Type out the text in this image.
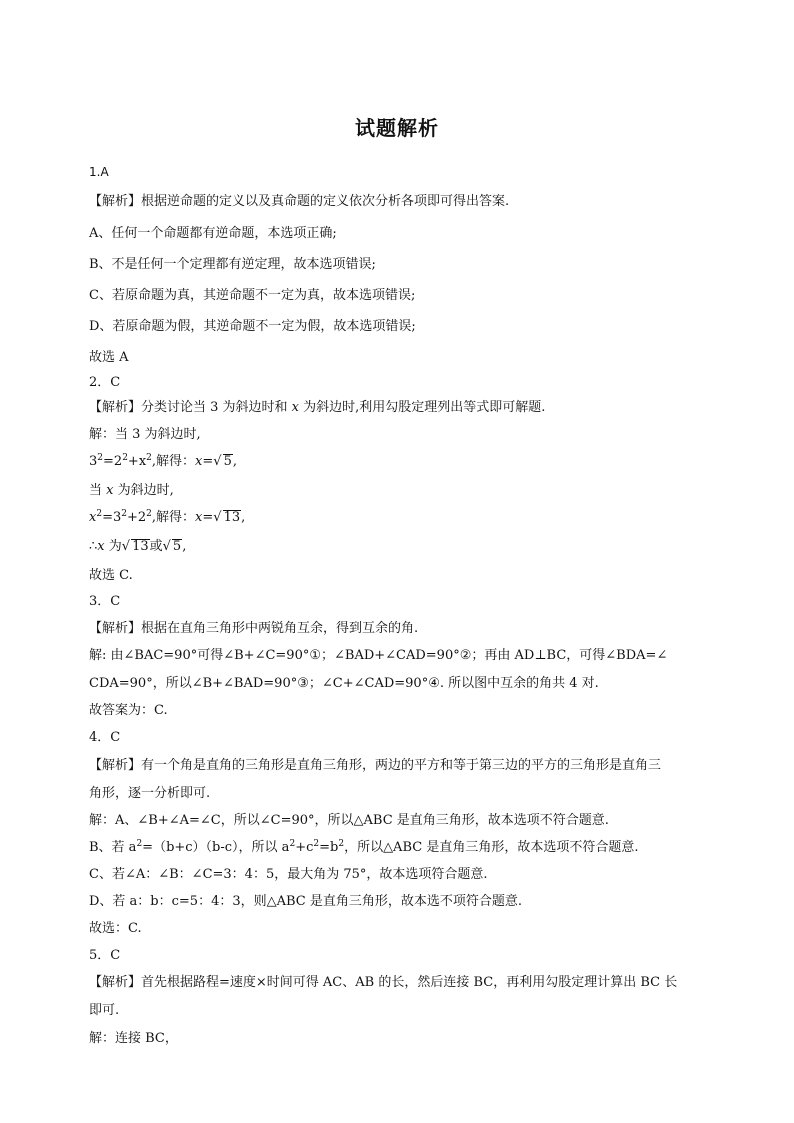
试题解析
1.A
【解析】根据逆命题的定义以及真命题的定义依次分析各项即可得出答案.
A、任何一个命题都有逆命题，本选项正确;
B、不是任何一个定理都有逆定理，故本选项错误;
C、若原命题为真，其逆命题不一定为真，故本选项错误;
D、若原命题为假，其逆命题不一定为假，故本选项错误;
故选 A
2．C
【解析】分类讨论当 3 为斜边时和 x 为斜边时,利用勾股定理列出等式即可解题.
解：当 3 为斜边时,
$3^2=2^2+x^2$,解得：x=√ 5,
当 x 为斜边时,
$x^2=3^2+2^2$,解得：x=√ 13,
∴x 为√ 13或√ 5,
故选 C.
3．C
【解析】根据在直角三角形中两锐角互余，得到互余的角.
解: 由∠BAC=90°可得∠B+∠C=90°①；∠BAD+∠CAD=90°②；再由 AD⊥BC，可得∠BDA=∠
CDA=90°，所以∠B+∠BAD=90°③；∠C+∠CAD=90°④. 所以图中互余的角共 4 对.
故答案为：C.
4．C
【解析】有一个角是直角的三角形是直角三角形，两边的平方和等于第三边的平方的三角形是直角三
角形，逐一分析即可.
解：A、∠B+∠A=∠C，所以∠C=90°，所以△ABC 是直角三角形，故本选项不符合题意.
B、若 $a^2=(b+c)(b-c)$，所以 $a^2+c^2=b^2$，所以△ABC 是直角三角形，故本选项不符合题意.
C、若∠A：∠B：∠C=3：4：5，最大角为 75°，故本选项符合题意.
D、若 a：b：c=5：4：3，则△ABC 是直角三角形，故本选不项符合题意.
故选：C.
5．C
【解析】首先根据路程=速度×时间可得 AC、AB 的长，然后连接 BC，再利用勾股定理计算出 BC 长
即可.
解：连接 BC，
